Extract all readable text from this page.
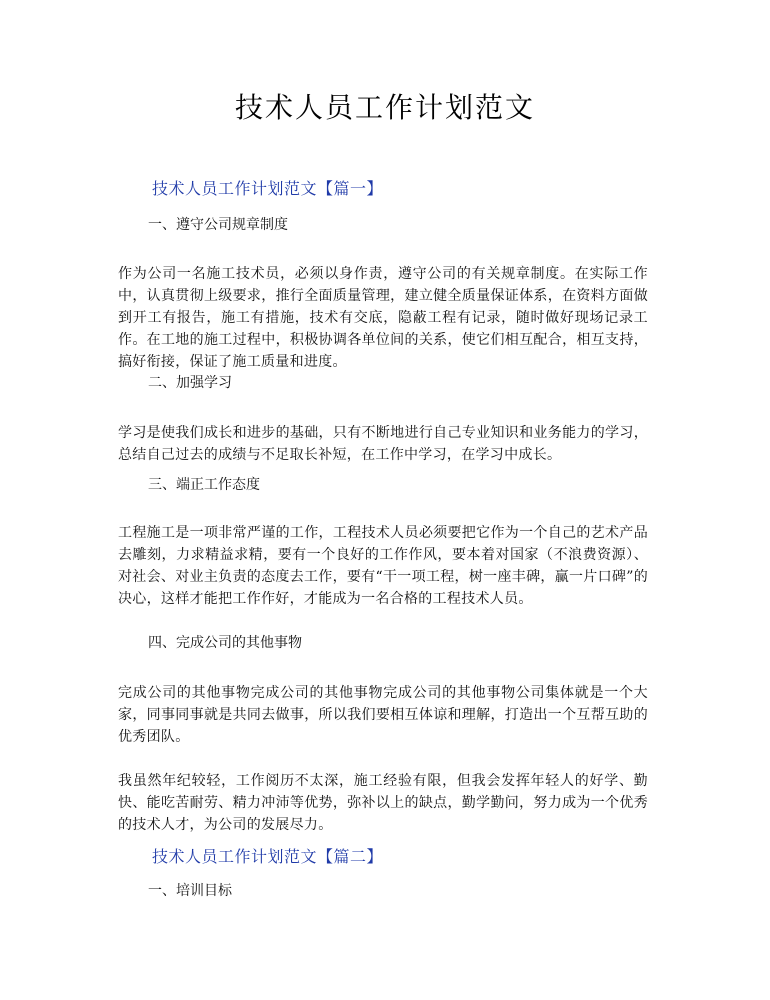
技术人员工作计划范文
技术人员工作计划范文【篇一】

一、遵守公司规章制度

作为公司一名施工技术员，必须以身作责，遵守公司的有关规章制度。在实际工作中，认真贯彻上级要求，推行全面质量管理，建立健全质量保证体系，在资料方面做到开工有报告，施工有措施，技术有交底，隐蔽工程有记录，随时做好现场记录工作。在工地的施工过程中，积极协调各单位间的关系，使它们相互配合，相互支持，搞好衔接，保证了施工质量和进度。

二、加强学习

学习是使我们成长和进步的基础，只有不断地进行自己专业知识和业务能力的学习，总结自己过去的成绩与不足取长补短，在工作中学习，在学习中成长。

三、端正工作态度

工程施工是一项非常严谨的工作，工程技术人员必须要把它作为一个自己的艺术产品去雕刻，力求精益求精，要有一个良好的工作作风，要本着对国家（不浪费资源）、对社会、对业主负责的态度去工作，要有“干一项工程，树一座丰碑，赢一片口碑”的决心，这样才能把工作作好，才能成为一名合格的工程技术人员。

四、完成公司的其他事物

完成公司的其他事物完成公司的其他事物完成公司的其他事物公司集体就是一个大家，同事同事就是共同去做事，所以我们要相互体谅和理解，打造出一个互帮互助的优秀团队。

我虽然年纪较轻，工作阅历不太深，施工经验有限，但我会发挥年轻人的好学、勤快、能吃苦耐劳、精力冲沛等优势，弥补以上的缺点，勤学勤问，努力成为一个优秀的技术人才，为公司的发展尽力。

技术人员工作计划范文【篇二】

一、培训目标
